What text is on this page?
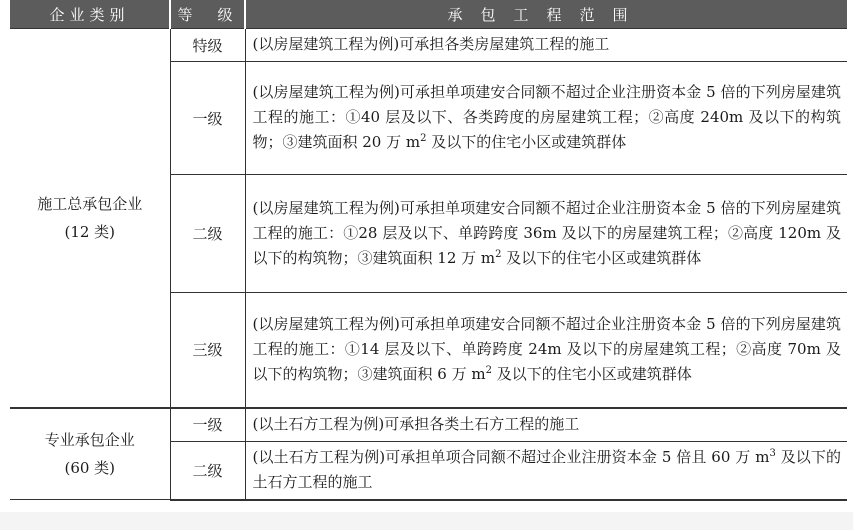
企业类别	等　级	承包工程范围

施工总承包企业
(12 类)	特级	(以房屋建筑工程为例)可承担各类房屋建筑工程的施工
	一级	(以房屋建筑工程为例)可承担单项建安合同额不超过企业注册资本金 5 倍的下列房屋建筑工程的施工：①40 层及以下、各类跨度的房屋建筑工程；②高度 240m 及以下的构筑物；③建筑面积 20 万 $m^2$ 及以下的住宅小区或建筑群体
	二级	(以房屋建筑工程为例)可承担单项建安合同额不超过企业注册资本金 5 倍的下列房屋建筑工程的施工：①28 层及以下、单跨跨度 36m 及以下的房屋建筑工程；②高度 120m 及以下的构筑物；③建筑面积 12 万 $m^2$ 及以下的住宅小区或建筑群体
	三级	(以房屋建筑工程为例)可承担单项建安合同额不超过企业注册资本金 5 倍的下列房屋建筑工程的施工：①14 层及以下、单跨跨度 24m 及以下的房屋建筑工程；②高度 70m 及以下的构筑物；③建筑面积 6 万 $m^2$ 及以下的住宅小区或建筑群体

专业承包企业
(60 类)	一级	(以土石方工程为例)可承担各类土石方工程的施工
	二级	(以土石方工程为例)可承担单项合同额不超过企业注册资本金 5 倍且 60 万 $m^3$ 及以下的土石方工程的施工
